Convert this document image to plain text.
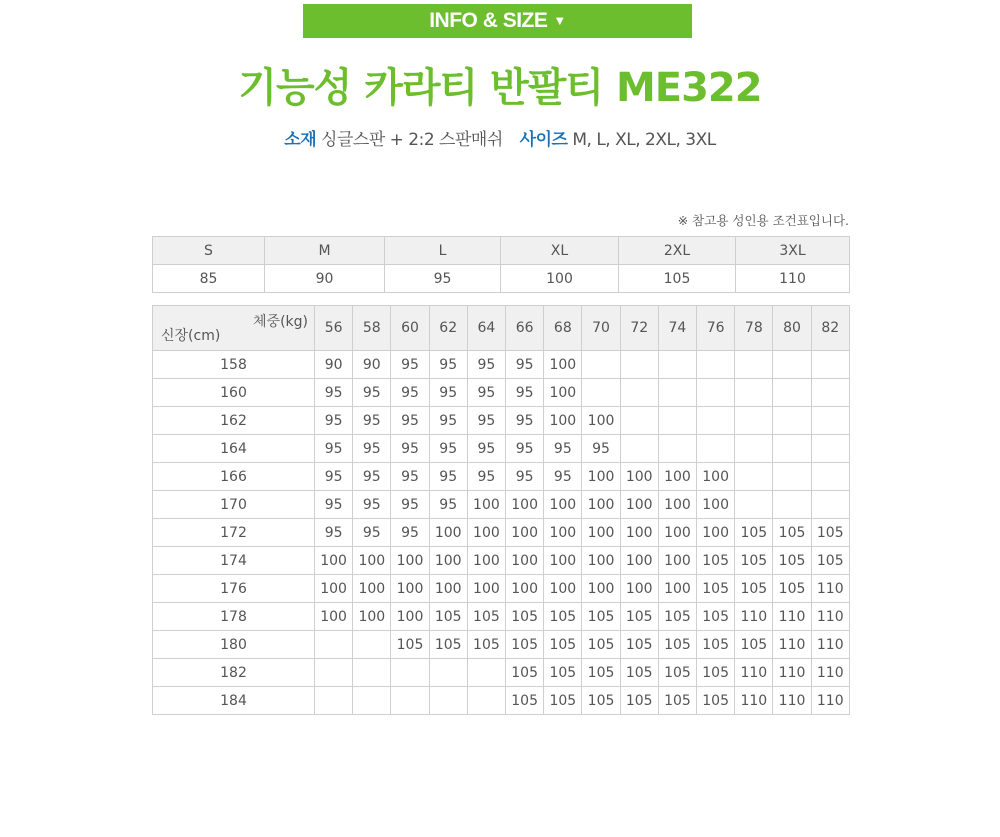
INFO & SIZE ▼
기능성 카라티 반팔티 ME322
소재 싱글스판 + 2:2 스판매쉬 사이즈 M, L, XL, 2XL, 3XL
※ 참고용 성인용 조건표입니다.
S	M	L	XL	2XL	3XL
85	90	95	100	105	110
체중(kg)
신장(cm)	56	58	60	62	64	66	68	70	72	74	76	78	80	82
158	90	90	95	95	95	95	100							
160	95	95	95	95	95	95	100							
162	95	95	95	95	95	95	100	100						
164	95	95	95	95	95	95	95	95						
166	95	95	95	95	95	95	95	100	100	100	100			
170	95	95	95	95	100	100	100	100	100	100	100			
172	95	95	95	100	100	100	100	100	100	100	100	105	105	105
174	100	100	100	100	100	100	100	100	100	100	105	105	105	105
176	100	100	100	100	100	100	100	100	100	100	105	105	105	110
178	100	100	100	105	105	105	105	105	105	105	105	110	110	110
180			105	105	105	105	105	105	105	105	105	105	110	110
182						105	105	105	105	105	105	110	110	110
184						105	105	105	105	105	105	110	110	110
